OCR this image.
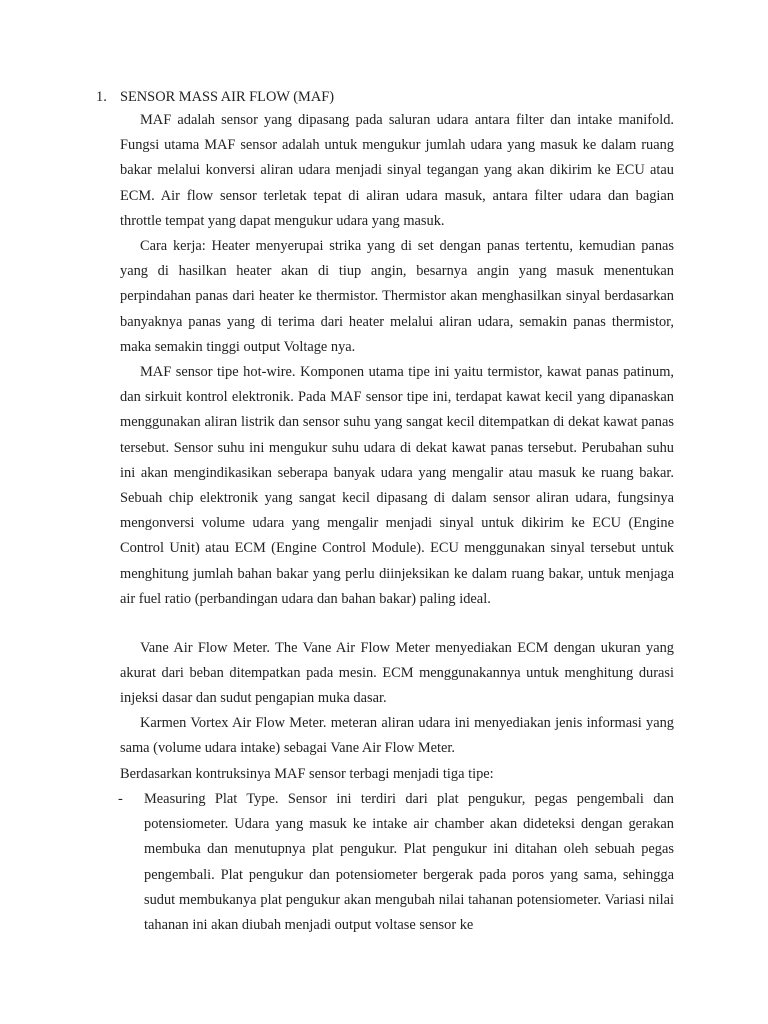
1. SENSOR MASS AIR FLOW (MAF)

MAF adalah sensor yang dipasang pada saluran udara antara filter dan intake manifold. Fungsi utama MAF sensor adalah untuk mengukur jumlah udara yang masuk ke dalam ruang bakar melalui konversi aliran udara menjadi sinyal tegangan yang akan dikirim ke ECU atau ECM. Air flow sensor terletak tepat di aliran udara masuk, antara filter udara dan bagian throttle tempat yang dapat mengukur udara yang masuk.

Cara kerja: Heater menyerupai strika yang di set dengan panas tertentu, kemudian panas yang di hasilkan heater akan di tiup angin, besarnya angin yang masuk menentukan perpindahan panas dari heater ke thermistor. Thermistor akan menghasilkan sinyal berdasarkan banyaknya panas yang di terima dari heater melalui aliran udara, semakin panas thermistor, maka semakin tinggi output Voltage nya.

MAF sensor tipe hot-wire. Komponen utama tipe ini yaitu termistor, kawat panas patinum, dan sirkuit kontrol elektronik. Pada MAF sensor tipe ini, terdapat kawat kecil yang dipanaskan menggunakan aliran listrik dan sensor suhu yang sangat kecil ditempatkan di dekat kawat panas tersebut. Sensor suhu ini mengukur suhu udara di dekat kawat panas tersebut. Perubahan suhu ini akan mengindikasikan seberapa banyak udara yang mengalir atau masuk ke ruang bakar. Sebuah chip elektronik yang sangat kecil dipasang di dalam sensor aliran udara, fungsinya mengonversi volume udara yang mengalir menjadi sinyal untuk dikirim ke ECU (Engine Control Unit) atau ECM (Engine Control Module). ECU menggunakan sinyal tersebut untuk menghitung jumlah bahan bakar yang perlu diinjeksikan ke dalam ruang bakar, untuk menjaga air fuel ratio (perbandingan udara dan bahan bakar) paling ideal.

Vane Air Flow Meter. The Vane Air Flow Meter menyediakan ECM dengan ukuran yang akurat dari beban ditempatkan pada mesin. ECM menggunakannya untuk menghitung durasi injeksi dasar dan sudut pengapian muka dasar.

Karmen Vortex Air Flow Meter. meteran aliran udara ini menyediakan jenis informasi yang sama (volume udara intake) sebagai Vane Air Flow Meter.

Berdasarkan kontruksinya MAF sensor terbagi menjadi tiga tipe:

- Measuring Plat Type. Sensor ini terdiri dari plat pengukur, pegas pengembali dan potensiometer. Udara yang masuk ke intake air chamber akan dideteksi dengan gerakan membuka dan menutupnya plat pengukur. Plat pengukur ini ditahan oleh sebuah pegas pengembali. Plat pengukur dan potensiometer bergerak pada poros yang sama, sehingga sudut membukanya plat pengukur akan mengubah nilai tahanan potensiometer. Variasi nilai tahanan ini akan diubah menjadi output voltase sensor ke
